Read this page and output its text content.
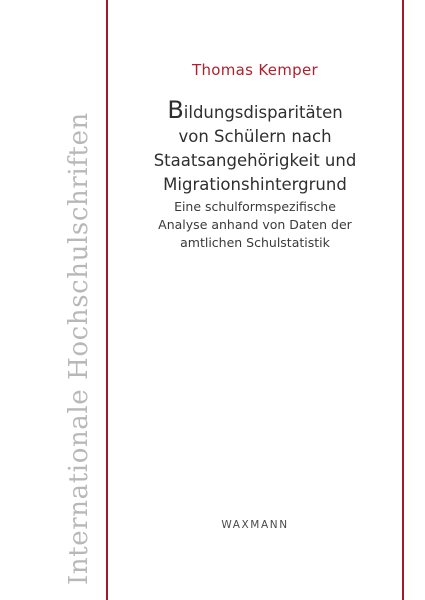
Internationale Hochschulschriften
Thomas Kemper
Bildungsdisparitäten
von Schülern nach
Staatsangehörigkeit und
Migrationshintergrund
Eine schulformspezifische
Analyse anhand von Daten der
amtlichen Schulstatistik
WAXMANN
